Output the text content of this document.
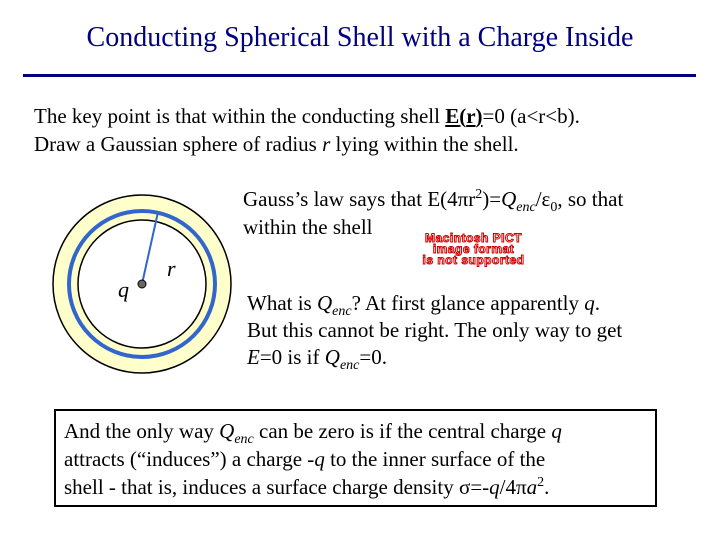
Conducting Spherical Shell with a Charge Inside
The key point is that within the conducting shell E(r)=0 (a<r<b).
Draw a Gaussian sphere of radius r lying within the shell.
Gauss’s law says that $E(4\pi r^2)=Q_{enc}/\varepsilon_0$, so that
within the shell	Macintosh PICT
image format
is not supported
q
r
What is $Q_{enc}$? At first glance apparently q.
But this cannot be right. The only way to get
E=0 is if $Q_{enc}=0$.
And the only way $Q_{enc}$ can be zero is if the central charge q
attracts (“induces”) a charge -q to the inner surface of the
shell - that is, induces a surface charge density $\sigma=-q/4\pi a^2$.
